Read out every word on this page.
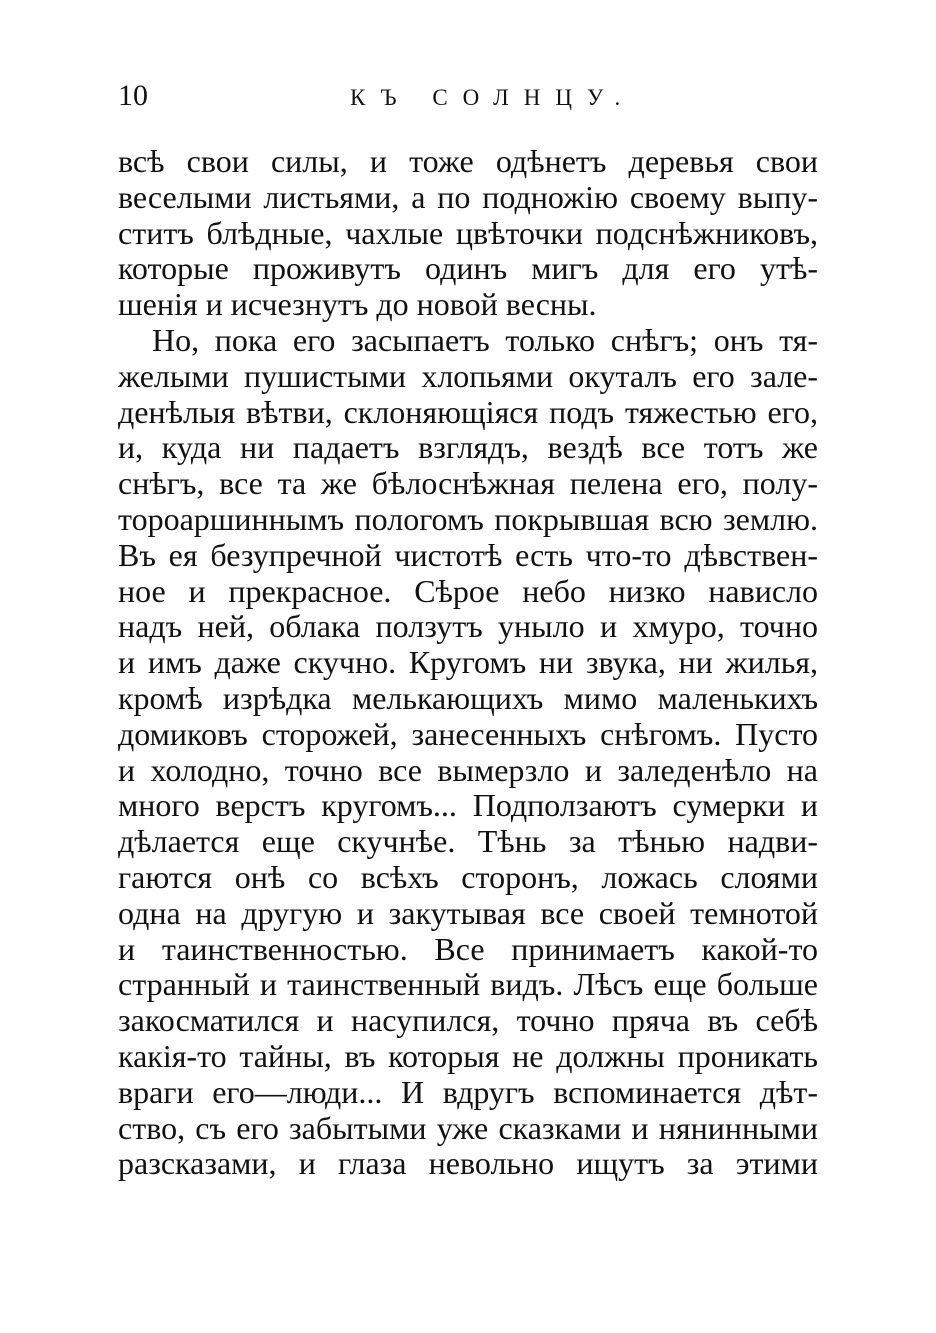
10	КЪ СОЛНЦУ.
всѣ свои силы, и тоже одѣнетъ деревья свои
веселыми листьями, а по подножію своему выпу-
ститъ блѣдные, чахлые цвѣточки подснѣжниковъ,
которые проживутъ одинъ мигъ для его утѣ-
шенія и исчезнутъ до новой весны.
Но, пока его засыпаетъ только снѣгъ; онъ тя-
желыми пушистыми хлопьями окуталъ его зале-
денѣлыя вѣтви, склоняющіяся подъ тяжестью его,
и, куда ни падаетъ взглядъ, вездѣ все тотъ же
снѣгъ, все та же бѣлоснѣжная пелена его, полу-
тороаршиннымъ пологомъ покрывшая всю землю.
Въ ея безупречной чистотѣ есть что-то дѣвствен-
ное и прекрасное. Сѣрое небо низко нависло
надъ ней, облака ползутъ уныло и хмуро, точно
и имъ даже скучно. Кругомъ ни звука, ни жилья,
кромѣ изрѣдка мелькающихъ мимо маленькихъ
домиковъ сторожей, занесенныхъ снѣгомъ. Пусто
и холодно, точно все вымерзло и заледенѣло на
много верстъ кругомъ... Подползаютъ сумерки и
дѣлается еще скучнѣе. Тѣнь за тѣнью надви-
гаются онѣ со всѣхъ сторонъ, ложась слоями
одна на другую и закутывая все своей темнотой
и таинственностью. Все принимаетъ какой-то
странный и таинственный видъ. Лѣсъ еще больше
закосматился и насупился, точно пряча въ себѣ
какія-то тайны, въ которыя не должны проникать
враги его—люди... И вдругъ вспоминается дѣт-
ство, съ его забытыми уже сказками и нянинными
разсказами, и глаза невольно ищутъ за этими
